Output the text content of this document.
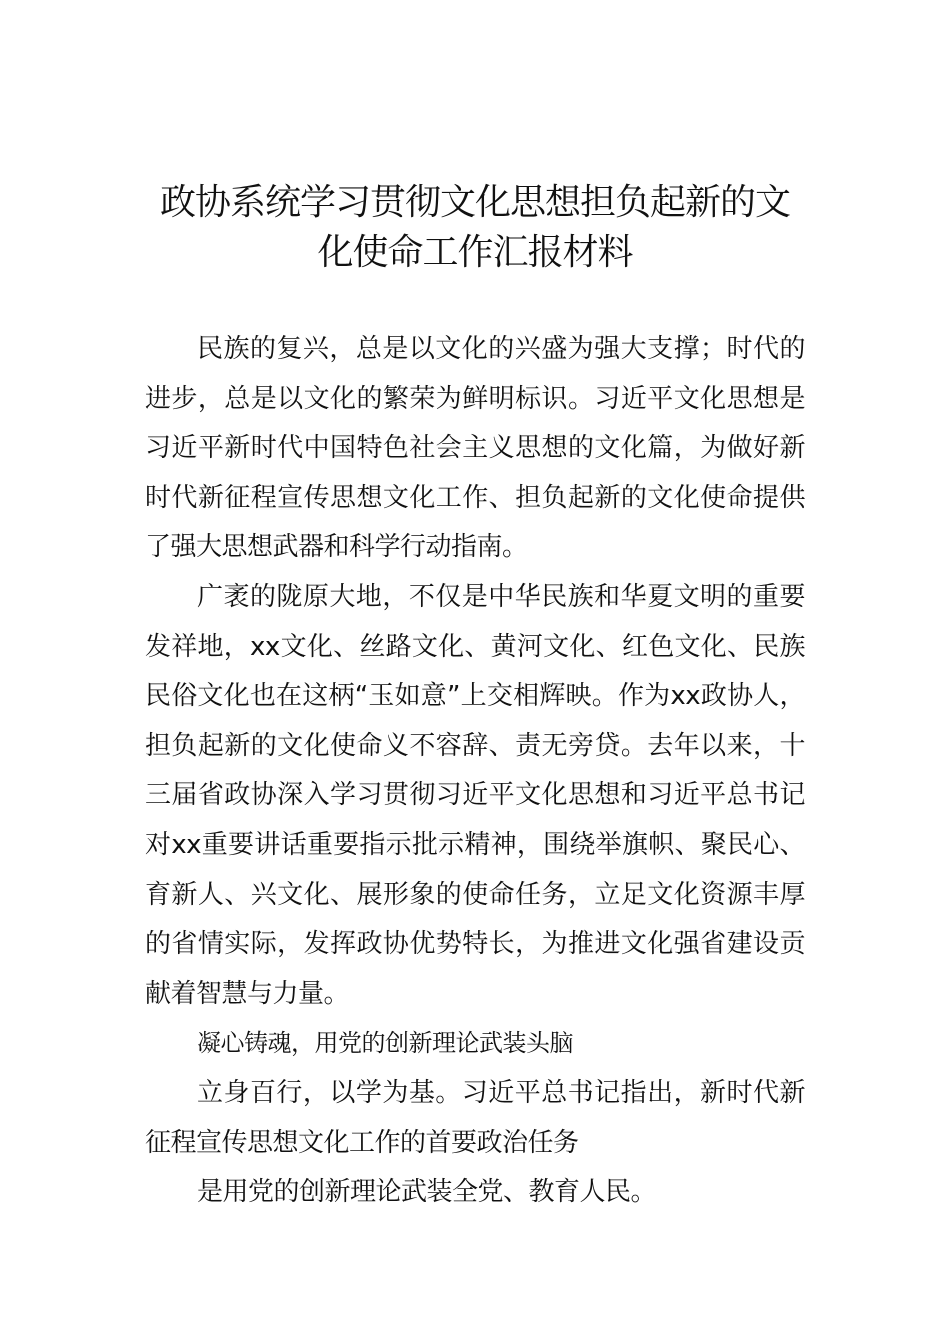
政协系统学习贯彻文化思想担负起新的文化使命工作汇报材料

民族的复兴，总是以文化的兴盛为强大支撑；时代的进步，总是以文化的繁荣为鲜明标识。习近平文化思想是习近平新时代中国特色社会主义思想的文化篇，为做好新时代新征程宣传思想文化工作、担负起新的文化使命提供了强大思想武器和科学行动指南。

广袤的陇原大地，不仅是中华民族和华夏文明的重要发祥地，xx文化、丝路文化、黄河文化、红色文化、民族民俗文化也在这柄“玉如意”上交相辉映。作为xx政协人，担负起新的文化使命义不容辞、责无旁贷。去年以来，十三届省政协深入学习贯彻习近平文化思想和习近平总书记对xx重要讲话重要指示批示精神，围绕举旗帜、聚民心、育新人、兴文化、展形象的使命任务，立足文化资源丰厚的省情实际，发挥政协优势特长，为推进文化强省建设贡献着智慧与力量。

凝心铸魂，用党的创新理论武装头脑

立身百行，以学为基。习近平总书记指出，新时代新征程宣传思想文化工作的首要政治任务

是用党的创新理论武装全党、教育人民。
